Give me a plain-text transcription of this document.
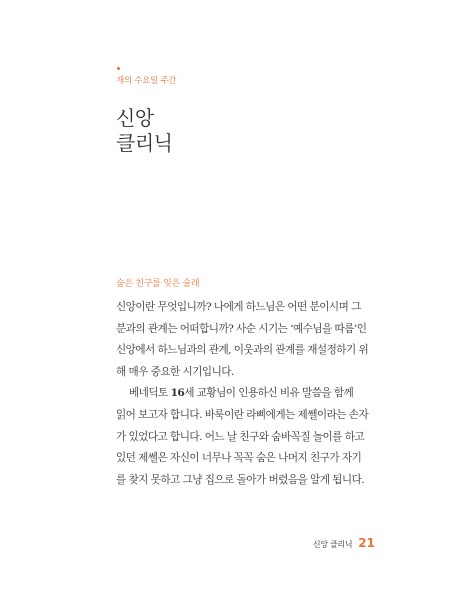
재의 수요일 주간
신앙
클리닉
숨은 친구를 잊은 술래
신앙이란 무엇입니까? 나에게 하느님은 어떤 분이시며 그
분과의 관계는 어떠합니까? 사순 시기는 ‘예수님을 따름’인
신앙에서 하느님과의 관계, 이웃과의 관계를 재설정하기 위
해 매우 중요한 시기입니다.
베네딕토 16세 교황님이 인용하신 비유 말씀을 함께
읽어 보고자 합니다. 바룩이란 라삐에게는 제쎌이라는 손자
가 있었다고 합니다. 어느 날 친구와 숨바꼭질 놀이를 하고
있던 제쎌은 자신이 너무나 꼭꼭 숨은 나머지 친구가 자기
를 찾지 못하고 그냥 집으로 돌아가 버렸음을 알게 됩니다.
신앙 클리닉 21
